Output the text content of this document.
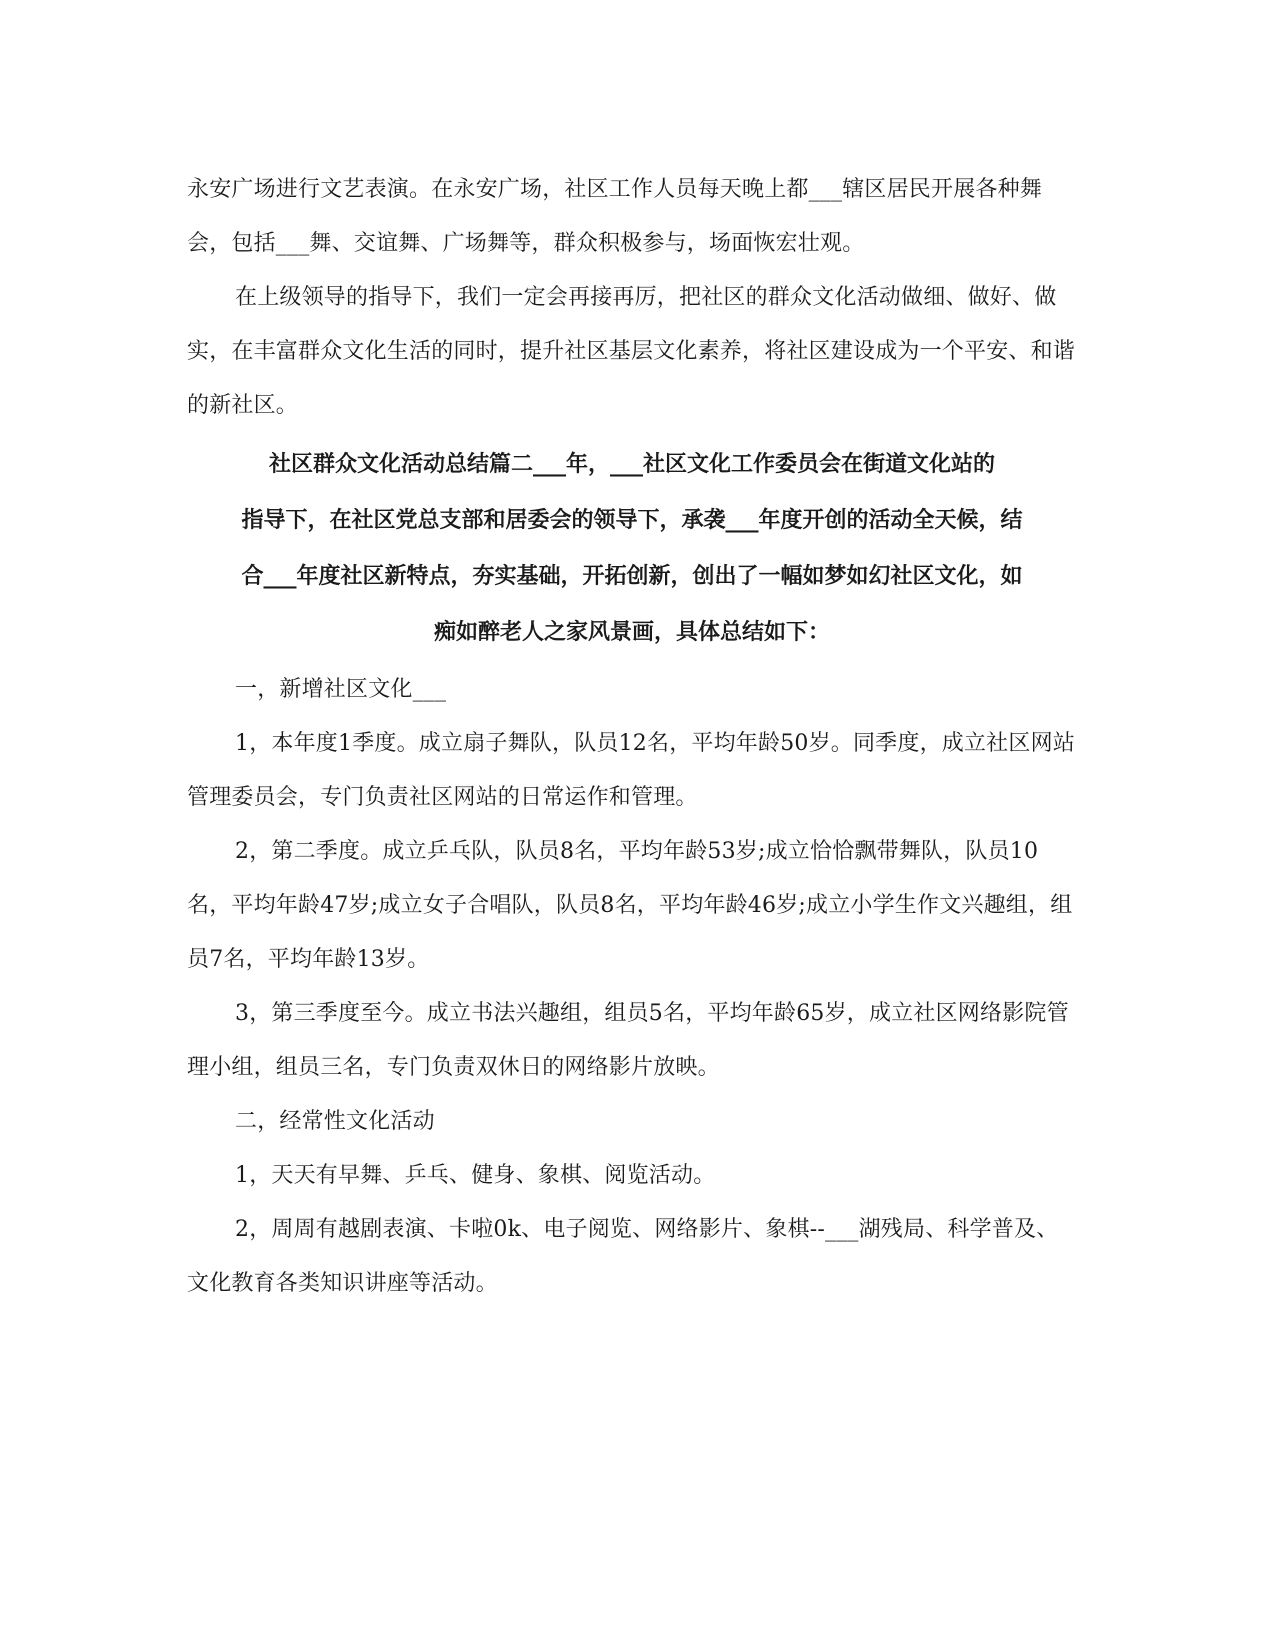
永安广场进行文艺表演。在永安广场，社区工作人员每天晚上都___辖区居民开展各种舞会，包括___舞、交谊舞、广场舞等，群众积极参与，场面恢宏壮观。

在上级领导的指导下，我们一定会再接再厉，把社区的群众文化活动做细、做好、做实，在丰富群众文化生活的同时，提升社区基层文化素养，将社区建设成为一个平安、和谐的新社区。

社区群众文化活动总结篇二___年，___社区文化工作委员会在街道文化站的

指导下，在社区党总支部和居委会的领导下，承袭___年度开创的活动全天候，结

合___年度社区新特点，夯实基础，开拓创新，创出了一幅如梦如幻社区文化，如

痴如醉老人之家风景画，具体总结如下：

一，新增社区文化___

1，本年度1季度。成立扇子舞队，队员12名，平均年龄50岁。同季度，成立社区网站管理委员会，专门负责社区网站的日常运作和管理。

2，第二季度。成立乒乓队，队员8名，平均年龄53岁;成立恰恰飘带舞队，队员10名，平均年龄47岁;成立女子合唱队，队员8名，平均年龄46岁;成立小学生作文兴趣组，组员7名，平均年龄13岁。

3，第三季度至今。成立书法兴趣组，组员5名，平均年龄65岁，成立社区网络影院管理小组，组员三名，专门负责双休日的网络影片放映。

二，经常性文化活动

1，天天有早舞、乒乓、健身、象棋、阅览活动。

2，周周有越剧表演、卡啦0k、电子阅览、网络影片、象棋--___湖残局、科学普及、文化教育各类知识讲座等活动。
